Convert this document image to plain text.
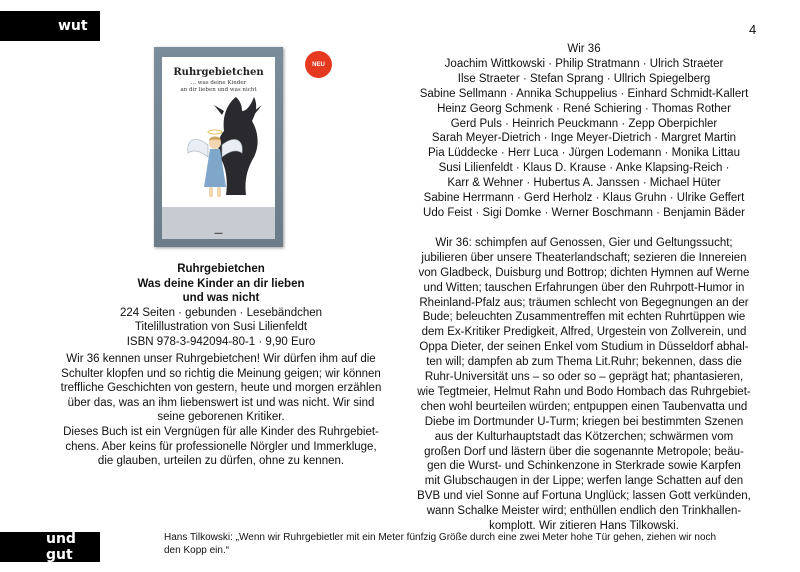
wut	4
Ruhrgebietchen
... was deine Kinder
an dir lieben und was nicht
▬▬
NEU
Ruhrgebietchen
Was deine Kinder an dir lieben
und was nicht
224 Seiten · gebunden · Lesebändchen
Titelillustration von Susi Lilienfeldt
ISBN 978-3-942094-80-1 · 9,90 Euro
Wir 36 kennen unser Ruhrgebietchen! Wir dürfen ihm auf die
Schulter klopfen und so richtig die Meinung geigen; wir können
treffliche Geschichten von gestern, heute und morgen erzählen
über das, was an ihm liebenswert ist und was nicht. Wir sind
seine geborenen Kritiker.
Dieses Buch ist ein Vergnügen für alle Kinder des Ruhrgebiet-
chens. Aber keins für professionelle Nörgler und Immerkluge,
die glauben, urteilen zu dürfen, ohne zu kennen.
Wir 36
Joachim Wittkowski · Philip Stratmann · Ulrich Straeter
Ilse Straeter · Stefan Sprang · Ullrich Spiegelberg
Sabine Sellmann · Annika Schuppelius · Einhard Schmidt-Kallert
Heinz Georg Schmenk · René Schiering · Thomas Rother
Gerd Puls · Heinrich Peuckmann · Zepp Oberpichler
Sarah Meyer-Dietrich · Inge Meyer-Dietrich · Margret Martin
Pia Lüddecke · Herr Luca · Jürgen Lodemann · Monika Littau
Susi Lilienfeldt · Klaus D. Krause · Anke Klapsing-Reich ·
Karr & Wehner · Hubertus A. Janssen · Michael Hüter
Sabine Herrmann · Gerd Herholz · Klaus Gruhn · Ulrike Geffert
Udo Feist · Sigi Domke · Werner Boschmann · Benjamin Bäder
Wir 36: schimpfen auf Genossen, Gier und Geltungssucht;
jubilieren über unsere Theaterlandschaft; sezieren die Innereien
von Gladbeck, Duisburg und Bottrop; dichten Hymnen auf Werne
und Witten; tauschen Erfahrungen über den Ruhrpott-Humor in
Rheinland-Pfalz aus; träumen schlecht von Begegnungen an der
Bude; beleuchten Zusammentreffen mit echten Ruhrtüppen wie
dem Ex-Kritiker Predigkeit, Alfred, Urgestein von Zollverein, und
Oppa Dieter, der seinen Enkel vom Studium in Düsseldorf abhal-
ten will; dampfen ab zum Thema Lit.Ruhr; bekennen, dass die
Ruhr-Universität uns – so oder so – geprägt hat; phantasieren,
wie Tegtmeier, Helmut Rahn und Bodo Hombach das Ruhrgebiet-
chen wohl beurteilen würden; entpuppen einen Taubenvatta und
Diebe im Dortmunder U-Turm; kriegen bei bestimmten Szenen
aus der Kulturhauptstadt das Kötzerchen; schwärmen vom
großen Dorf und lästern über die sogenannte Metropole; beäu-
gen die Wurst- und Schinkenzone in Sterkrade sowie Karpfen
mit Glubschaugen in der Lippe; werfen lange Schatten auf den
BVB und viel Sonne auf Fortuna Unglück; lassen Gott verkünden,
wann Schalke Meister wird; enthüllen endlich den Trinkhallen-
komplott. Wir zitieren Hans Tilkowski.
und gut
Hans Tilkowski: „Wenn wir Ruhrgebietler mit ein Meter fünfzig Größe durch eine zwei Meter hohe Tür gehen, ziehen wir noch
den Kopp ein.“
